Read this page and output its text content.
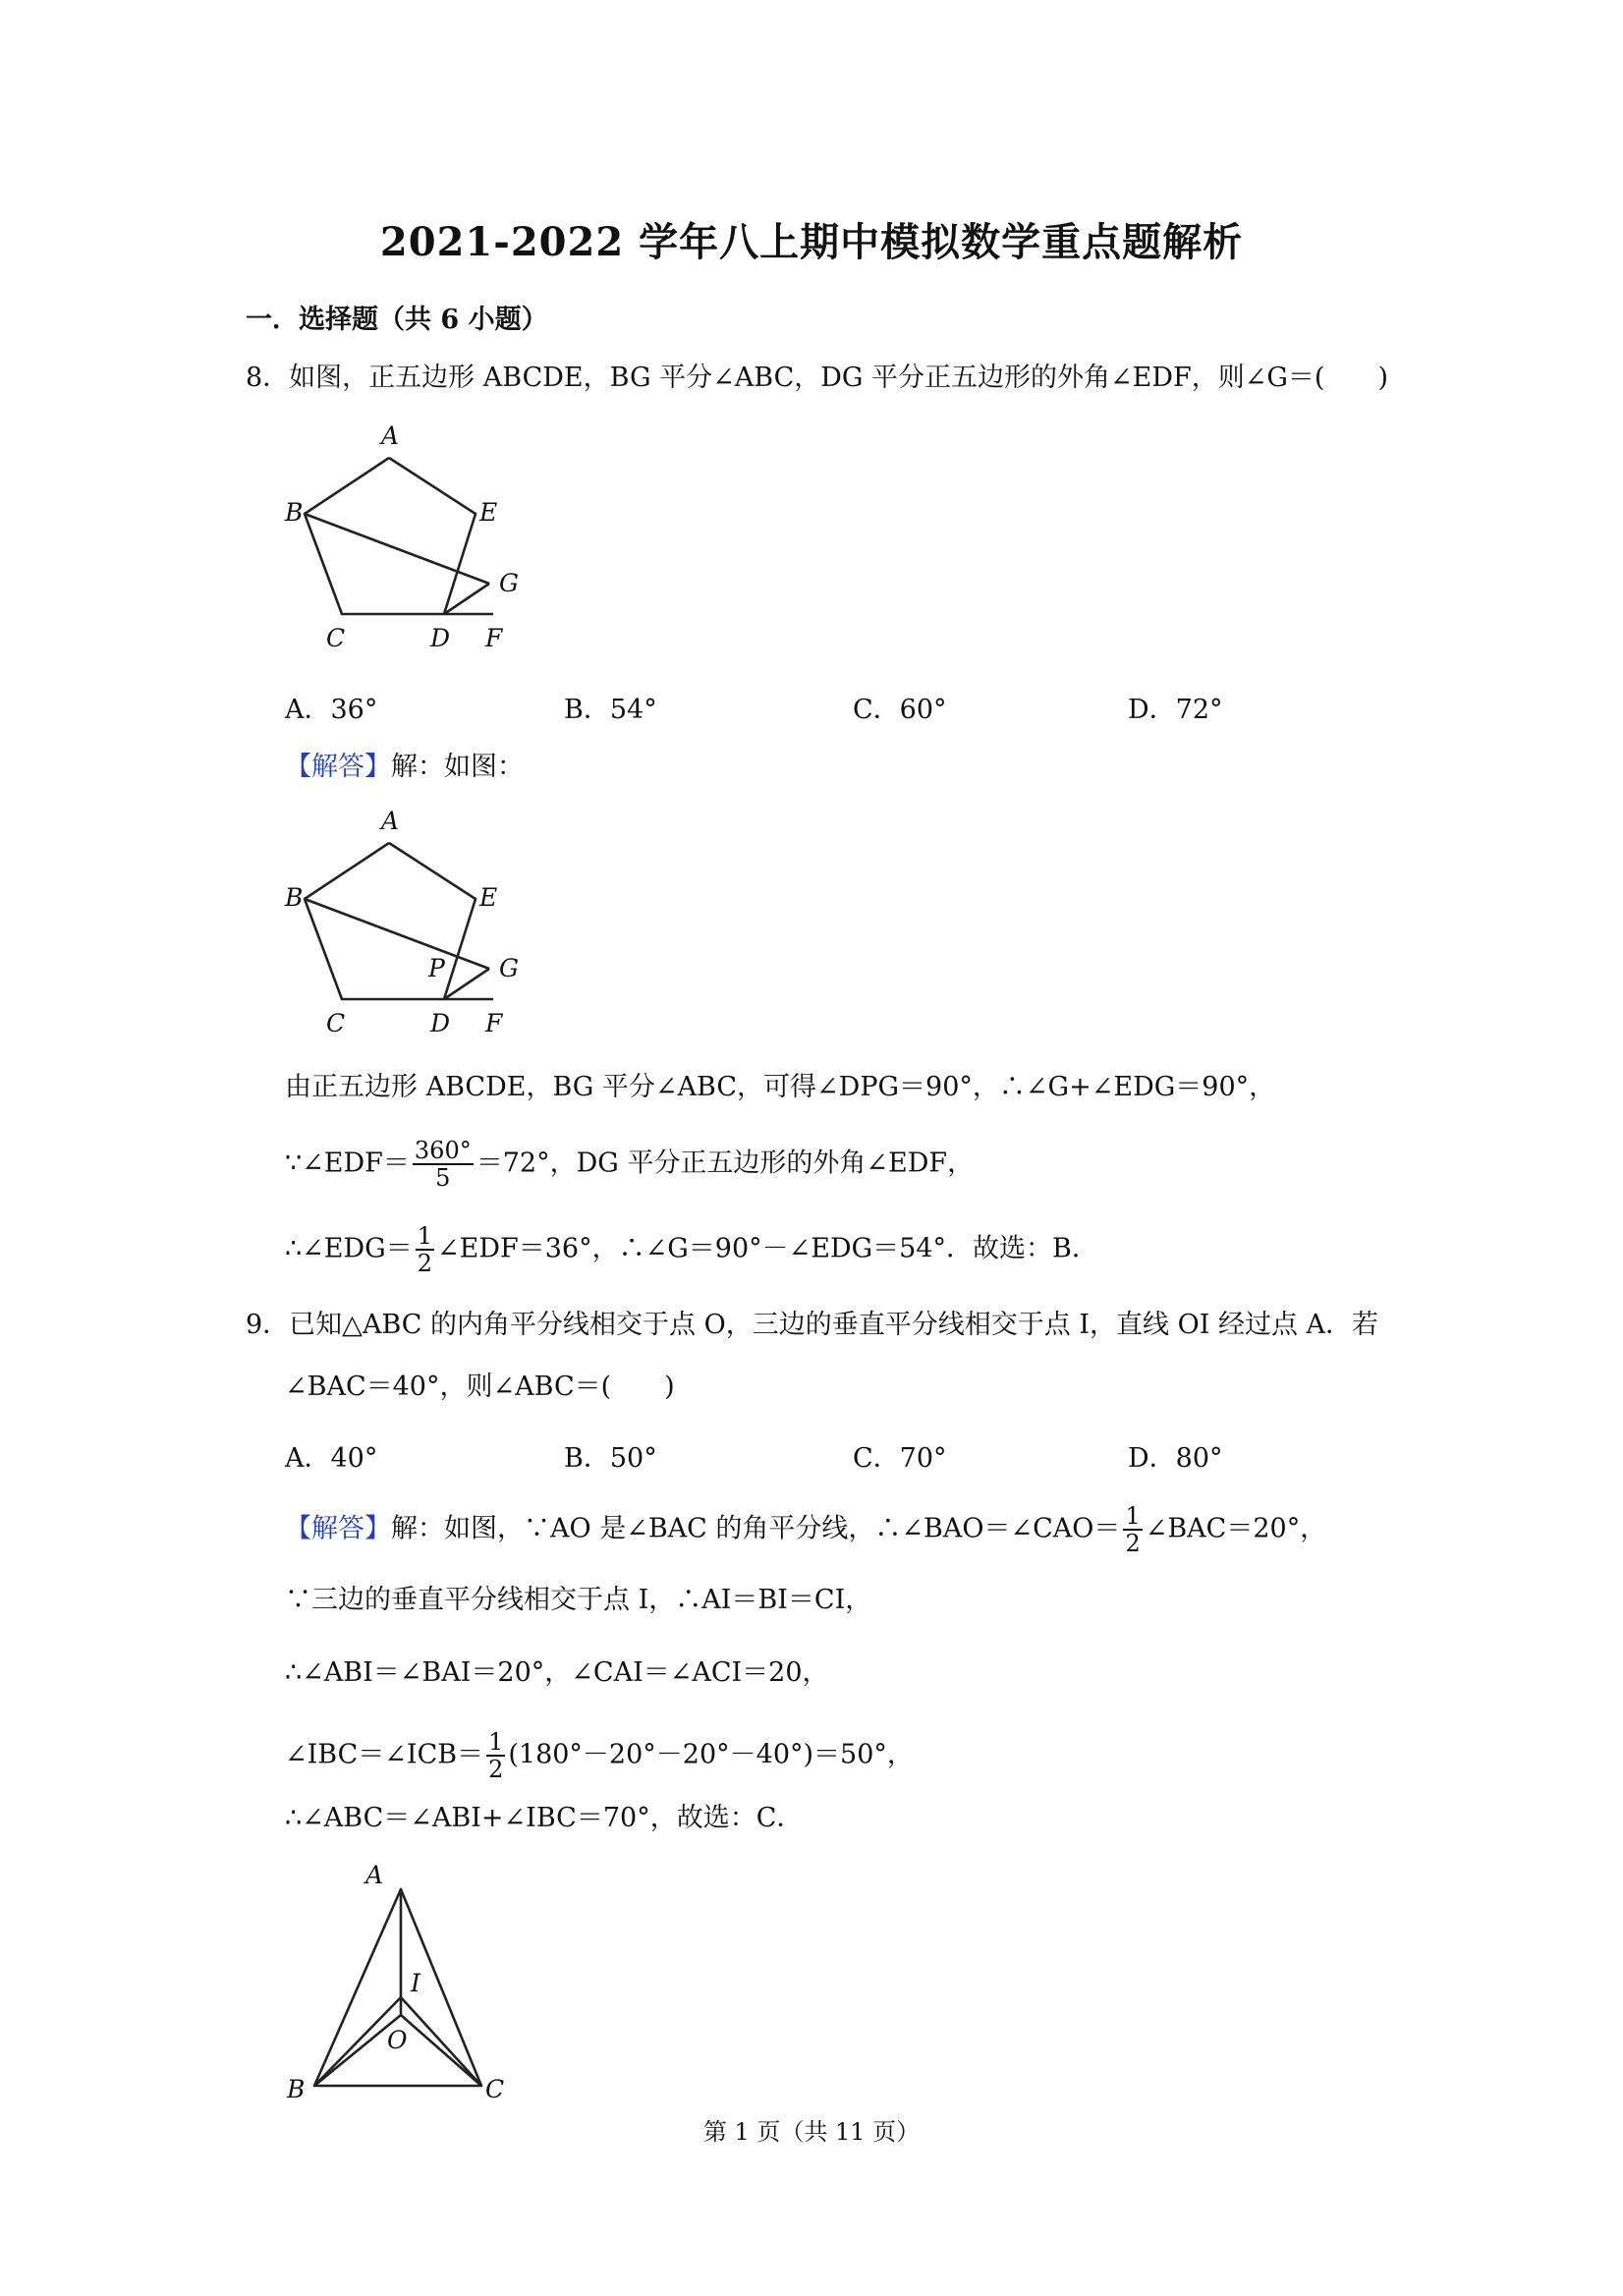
2021-2022 学年八上期中模拟数学重点题解析
一．选择题（共 6 小题）
8．如图，正五边形 ABCDE，BG 平分∠ABC，DG 平分正五边形的外角∠EDF，则∠G＝(　　)
A
B	E
G
C	D F
A．36°	B．54°	C．60°	D．72°
【解答】解：如图：
A
B	E
P G
C	D F
由正五边形 ABCDE，BG 平分∠ABC，可得∠DPG＝90°，∴∠G+∠EDG＝90°，
∵∠EDF＝ $\frac{360^\circ}{5} =72^\circ$，DG 平分正五边形的外角∠EDF，
∴∠EDG＝ $\frac{1}{2}$ ∠EDF＝36°，∴∠G＝90°－∠EDG＝54°．故选：B．
9．已知△ABC 的内角平分线相交于点 O，三边的垂直平分线相交于点 I，直线 OI 经过点 A．若
∠BAC＝40°，则∠ABC＝(　　)
A．40°	B．50°	C．70°	D．80°
【解答】解：如图，∵AO 是∠BAC 的角平分线，∴∠BAO＝∠CAO＝ $\frac{1}{2}$ ∠BAC＝20°，
∵三边的垂直平分线相交于点 I，∴AI＝BI＝CI，
∴∠ABI＝∠BAI＝20°，∠CAI＝∠ACI＝20，
∠IBC＝∠ICB＝ $\frac{1}{2} (180^\circ-20^\circ-20^\circ-40^\circ)=50^\circ$，
∴∠ABC＝∠ABI+∠IBC＝70°，故选：C．
A
I
O
B	C
第 1 页（共 11 页）
